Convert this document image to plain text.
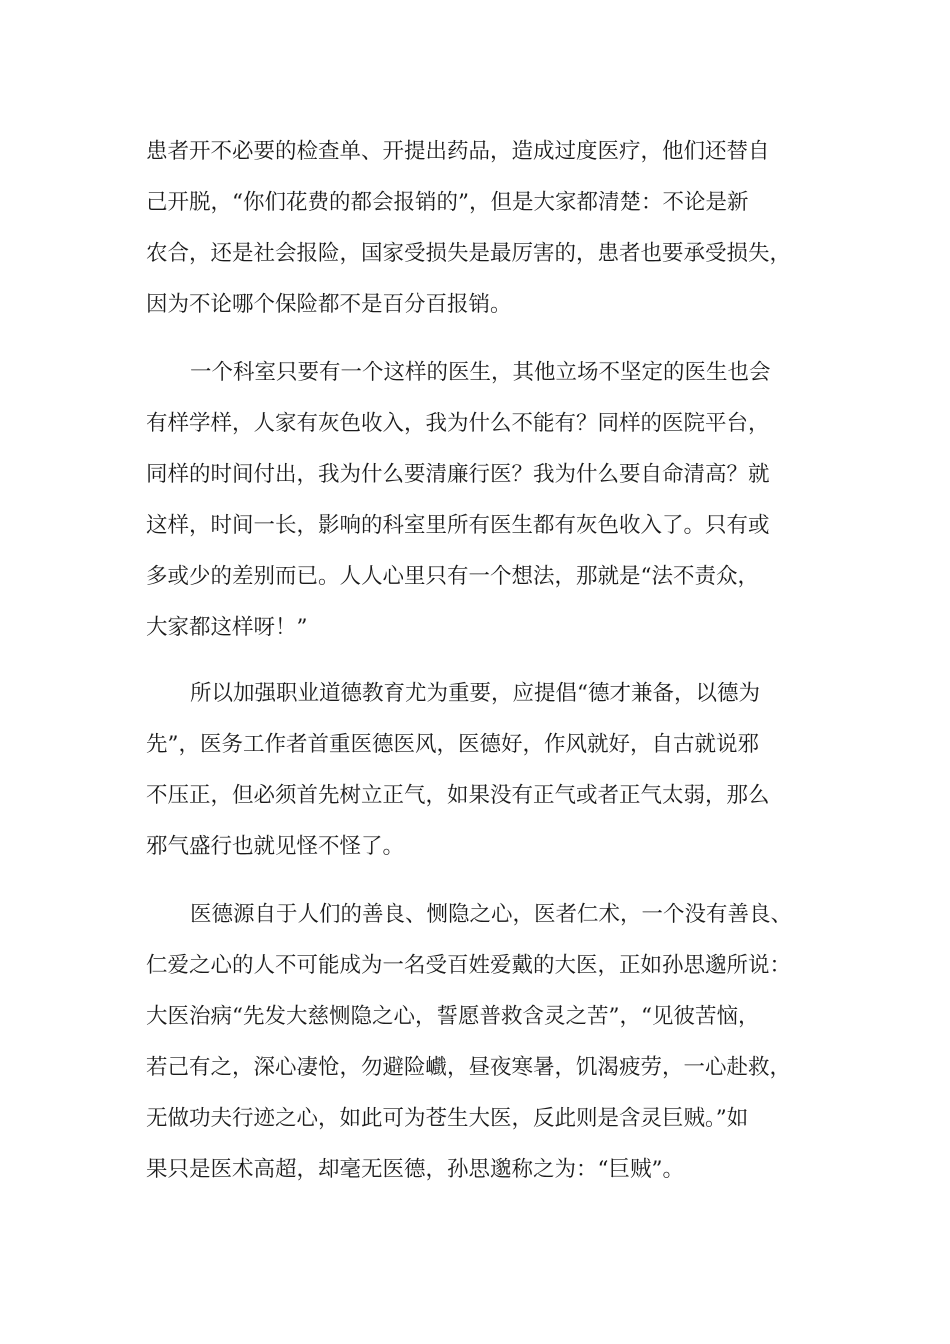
患者开不必要的检查单、开提出药品，造成过度医疗，他们还替自
己开脱，“你们花费的都会报销的”，但是大家都清楚：不论是新
农合，还是社会报险，国家受损失是最厉害的，患者也要承受损失，
因为不论哪个保险都不是百分百报销。
一个科室只要有一个这样的医生，其他立场不坚定的医生也会
有样学样，人家有灰色收入，我为什么不能有？同样的医院平台，
同样的时间付出，我为什么要清廉行医？我为什么要自命清高？就
这样，时间一长，影响的科室里所有医生都有灰色收入了。只有或
多或少的差别而已。人人心里只有一个想法，那就是“法不责众，
大家都这样呀！”
所以加强职业道德教育尤为重要，应提倡“德才兼备，以德为
先”，医务工作者首重医德医风，医德好，作风就好，自古就说邪
不压正，但必须首先树立正气，如果没有正气或者正气太弱，那么
邪气盛行也就见怪不怪了。
医德源自于人们的善良、恻隐之心，医者仁术，一个没有善良、
仁爱之心的人不可能成为一名受百姓爱戴的大医，正如孙思邈所说：
大医治病“先发大慈恻隐之心，誓愿普救含灵之苦”，“见彼苦恼，
若己有之，深心凄怆，勿避险巇，昼夜寒暑，饥渴疲劳，一心赴救，
无做功夫行迹之心，如此可为苍生大医，反此则是含灵巨贼。”如
果只是医术高超，却毫无医德，孙思邈称之为：“巨贼”。
